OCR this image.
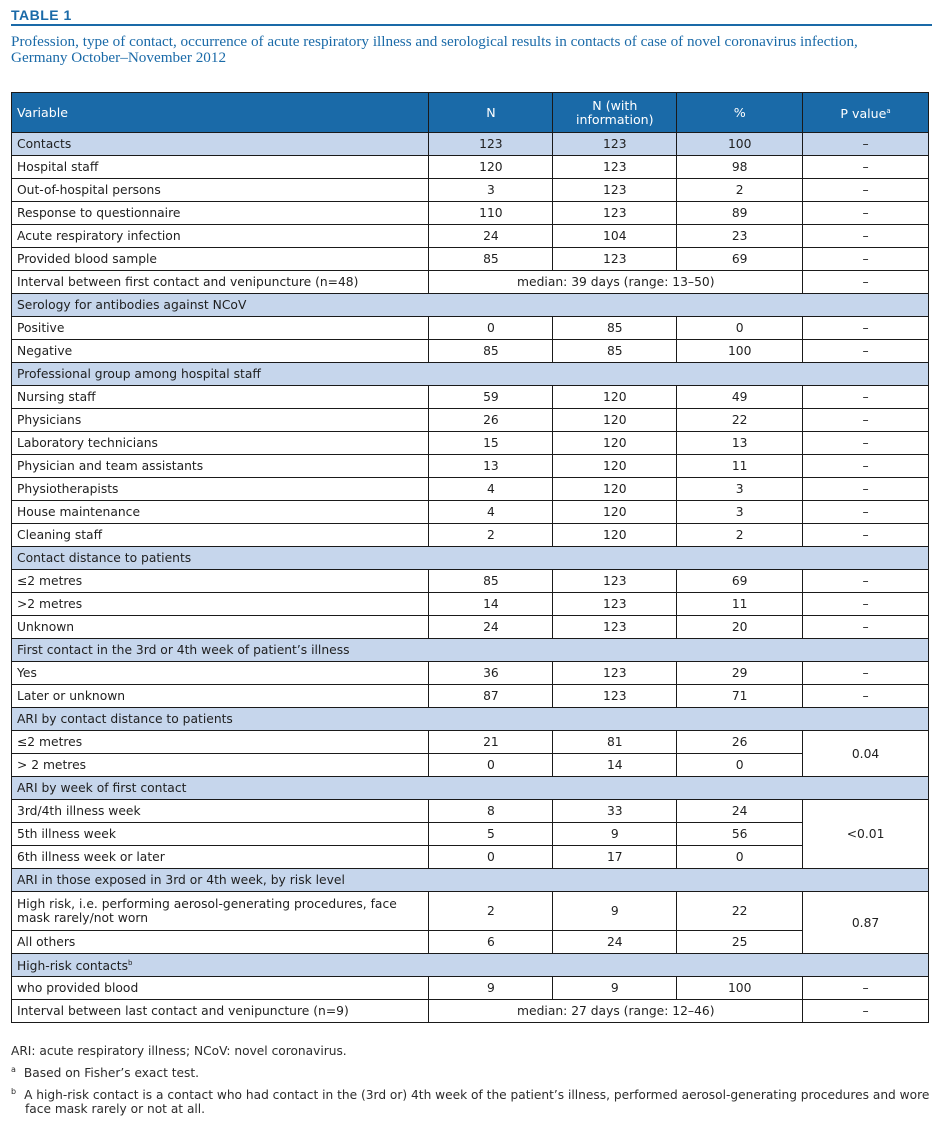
TABLE 1
Profession, type of contact, occurrence of acute respiratory illness and serological results in contacts of case of novel coronavirus infection, Germany October–November 2012
Variable	N	N (with information)	%	P value$^a$
Contacts	123	123	100	–
Hospital staff	120	123	98	–
Out-of-hospital persons	3	123	2	–
Response to questionnaire	110	123	89	–
Acute respiratory infection	24	104	23	–
Provided blood sample	85	123	69	–
Interval between first contact and venipuncture (n=48)	median: 39 days (range: 13–50)			–
Serology for antibodies against NCoV				
Positive	0	85	0	–
Negative	85	85	100	–
Professional group among hospital staff				
Nursing staff	59	120	49	–
Physicians	26	120	22	–
Laboratory technicians	15	120	13	–
Physician and team assistants	13	120	11	–
Physiotherapists	4	120	3	–
House maintenance	4	120	3	–
Cleaning staff	2	120	2	–
Contact distance to patients				
≤2 metres	85	123	69	–
>2 metres	14	123	11	–
Unknown	24	123	20	–
First contact in the 3rd or 4th week of patient’s illness				
Yes	36	123	29	–
Later or unknown	87	123	71	–
ARI by contact distance to patients				
≤2 metres	21	81	26	0.04
> 2 metres	0	14	0	
ARI by week of first contact				
3rd/4th illness week	8	33	24	<0.01
5th illness week	5	9	56	
6th illness week or later	0	17	0	
ARI in those exposed in 3rd or 4th week, by risk level				
High risk, i.e. performing aerosol-generating procedures, face mask rarely/not worn	2	9	22	0.87
All others	6	24	25	
High-risk contacts$^b$
who provided blood	9	9	100	–
Interval between last contact and venipuncture (n=9)	median: 27 days (range: 12–46)			–

ARI: acute respiratory illness; NCoV: novel coronavirus.

$^a$ Based on Fisher’s exact test.

$^b$ A high-risk contact is a contact who had contact in the (3rd or) 4th week of the patient’s illness, performed aerosol-generating procedures and wore face mask rarely or not at all.
